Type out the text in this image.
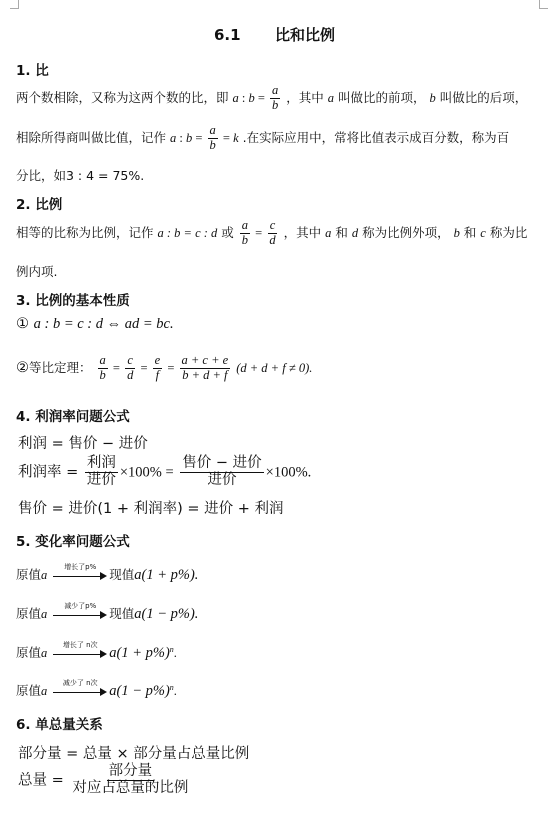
6.1 比和比例
1. 比
两个数相除，又称为这两个数的比，即 a : $b = \frac{a}{b}$ ，其中 a 叫做比的前项， b 叫做比的后项，
相除所得商叫做比值，记作 a : $b = \frac{a}{b} = k$ .在实际应用中，常将比值表示成百分数，称为百
分比，如3 : 4 = 75%.
2. 比例
相等的比称为比例，记作 a : b = c : d 或 $\frac{a}{b} = \frac{c}{d}$ ，其中 a 和 d 称为比例外项， b 和 c 称为比
例内项.
3. 比例的基本性质
① a : b = c : d ⇔ ad = bc.
②等比定理： $\frac{a}{b} = \frac{c}{d} = \frac{e}{f} = \frac{a + c + e}{b + d + f} (d + d + f \ne 0)$.
4. 利润率问题公式
利润 = 售价 − 进价
利润率 = $\frac{\text{利润}}{\text{进价}} \times 100\% = \frac{\text{售价 − 进价}}{\text{进价}} \times 100\%$.
售价 = 进价(1 + 利润率) = 进价 + 利润
5. 变化率问题公式
原值a
增长了p%
现值a(1 + p%).
原值a
减少了p%
现值a(1 − p%).
原值a
增长了 n次
$a(1 + p\%)^n$.
原值a
减少了 n次
$a(1 - p\%)^n$.
6. 单总量关系
部分量 = 总量 × 部分量占总量比例
总量 = $\frac{\text{部分量}}{\text{对应占总量的比例}}$
